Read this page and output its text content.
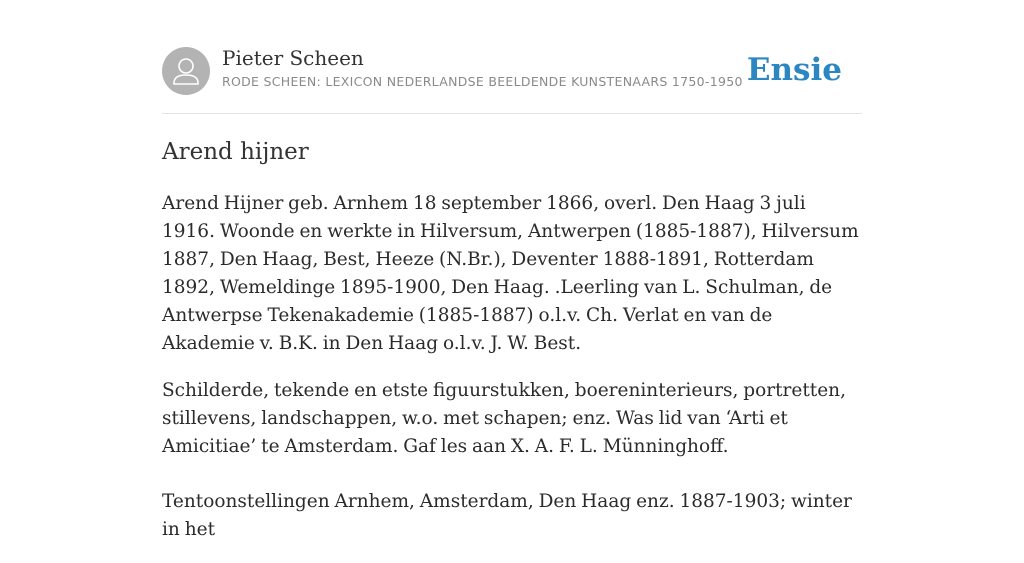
Pieter Scheen
RODE SCHEEN: LEXICON NEDERLANDSE BEELDENDE KUNSTENAARS 1750-1950 Ensie
Arend hijner

Arend Hijner geb. Arnhem 18 september 1866, overl. Den Haag 3 juli 1916. Woonde en werkte in Hilversum, Antwerpen (1885-1887), Hilversum 1887, Den Haag, Best, Heeze (N.Br.), Deventer 1888-1891, Rotterdam 1892, Wemeldinge 1895-1900, Den Haag. .Leerling van L. Schulman, de Antwerpse Tekenakademie (1885-1887) o.l.v. Ch. Verlat en van de Akademie v. B.K. in Den Haag o.l.v. J. W. Best.

Schilderde, tekende en etste figuurstukken, boereninterieurs, portretten, stillevens, landschappen, w.o. met schapen; enz. Was lid van ‘Arti et Amicitiae’ te Amsterdam. Gaf les aan X. A. F. L. Münninghoff.

Tentoonstellingen Arnhem, Amsterdam, Den Haag enz. 1887-1903; winter in het
